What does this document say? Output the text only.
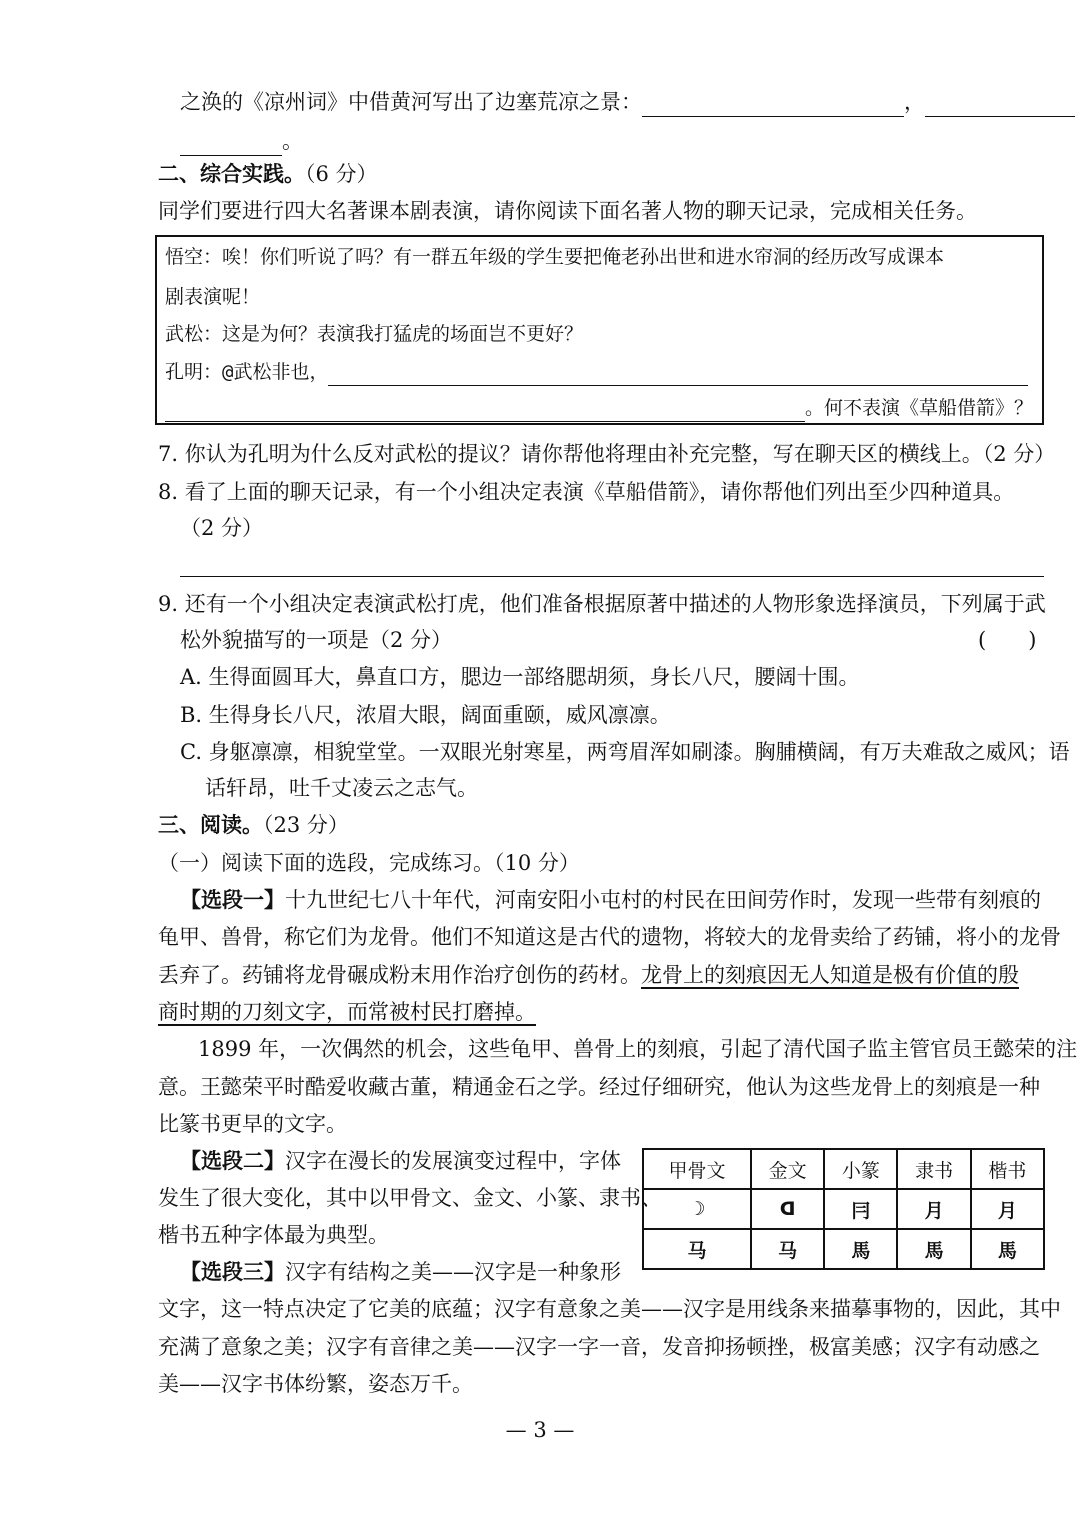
之涣的《凉州词》中借黄河写出了边塞荒凉之景：	，
。
二、综合实践。（6 分）
同学们要进行四大名著课本剧表演，请你阅读下面名著人物的聊天记录，完成相关任务。
悟空：唉！你们听说了吗？有一群五年级的学生要把俺老孙出世和进水帘洞的经历改写成课本
剧表演呢！
武松：这是为何？表演我打猛虎的场面岂不更好？
孔明：@武松非也，
。何不表演《草船借箭》？
7. 你认为孔明为什么反对武松的提议？请你帮他将理由补充完整，写在聊天区的横线上。（2 分）
8. 看了上面的聊天记录，有一个小组决定表演《草船借箭》，请你帮他们列出至少四种道具。
（2 分）
9. 还有一个小组决定表演武松打虎，他们准备根据原著中描述的人物形象选择演员，下列属于武
松外貌描写的一项是（2 分）	(　　)
A. 生得面圆耳大，鼻直口方，腮边一部络腮胡须，身长八尺，腰阔十围。
B. 生得身长八尺，浓眉大眼，阔面重颐，威风凛凛。
C. 身躯凛凛，相貌堂堂。一双眼光射寒星，两弯眉浑如刷漆。胸脯横阔，有万夫难敌之威风；语
话轩昂，吐千丈凌云之志气。
三、阅读。（23 分）
（一）阅读下面的选段，完成练习。（10 分）
【选段一】十九世纪七八十年代，河南安阳小屯村的村民在田间劳作时，发现一些带有刻痕的
龟甲、兽骨，称它们为龙骨。他们不知道这是古代的遗物，将较大的龙骨卖给了药铺，将小的龙骨
丢弃了。药铺将龙骨碾成粉末用作治疗创伤的药材。龙骨上的刻痕因无人知道是极有价值的殷
商时期的刀刻文字，而常被村民打磨掉。
1899 年，一次偶然的机会，这些龟甲、兽骨上的刻痕，引起了清代国子监主管官员王懿荣的注
意。王懿荣平时酷爱收藏古董，精通金石之学。经过仔细研究，他认为这些龙骨上的刻痕是一种
比篆书更早的文字。
【选段二】汉字在漫长的发展演变过程中，字体
发生了很大变化，其中以甲骨文、金文、小篆、隶书、
楷书五种字体最为典型。
甲骨文	金文	小篆	隶书	楷书
☽	ᗡ	冃	月	月
马	马	馬	馬	馬
【选段三】汉字有结构之美——汉字是一种象形
文字，这一特点决定了它美的底蕴；汉字有意象之美——汉字是用线条来描摹事物的，因此，其中
充满了意象之美；汉字有音律之美——汉字一字一音，发音抑扬顿挫，极富美感；汉字有动感之
美——汉字书体纷繁，姿态万千。
— 3 —
